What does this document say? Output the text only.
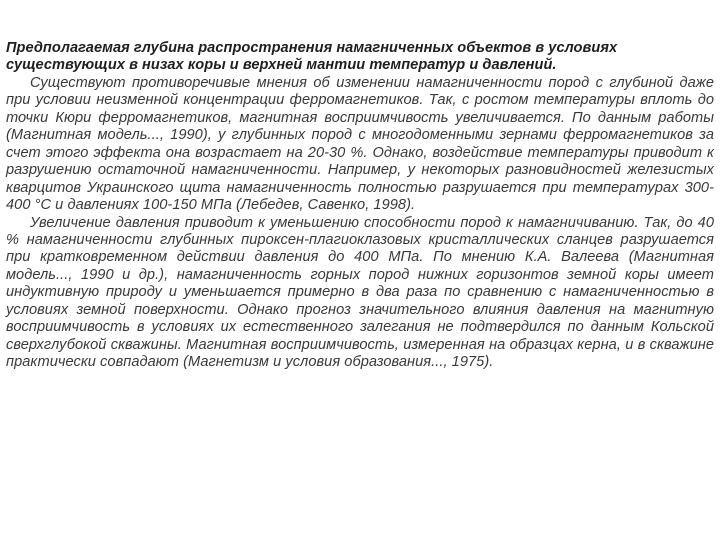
Предполагаемая глубина распространения намагниченных объектов в условиях существующих в низах коры и верхней мантии температур и давлений.

Существуют противоречивые мнения об изменении намагниченности пород с глубиной даже при условии неизменной концентрации ферромагнетиков. Так, с ростом температуры вплоть до точки Кюри ферромагнетиков, магнитная восприимчивость увеличивается. По данным работы (Магнитная модель..., 1990), у глубинных пород с многодоменными зернами ферромагнетиков за счет этого эффекта она возрастает на 20-30 %. Однако, воздействие температуры приводит к разрушению остаточной намагниченности. Например, у некоторых разновидностей железистых кварцитов Украинского щита намагниченность полностью разрушается при температурах 300-400 °С и давлениях 100-150 МПа (Лебедев, Савенко, 1998).

Увеличение давления приводит к уменьшению способности пород к намагничиванию. Так, до 40 % намагниченности глубинных пироксен-плагиоклазовых кристаллических сланцев разрушается при кратковременном действии давления до 400 МПа. По мнению К.А. Валеева (Магнитная модель..., 1990 и др.), намагниченность горных пород нижних горизонтов земной коры имеет индуктивную природу и уменьшается примерно в два раза по сравнению с намагниченностью в условиях земной поверхности. Однако прогноз значительного влияния давления на магнитную восприимчивость в условиях их естественного залегания не подтвердился по данным Кольской сверхглубокой скважины. Магнитная восприимчивость, измеренная на образцах керна, и в скважине практически совпадают (Магнетизм и условия образования..., 1975).
